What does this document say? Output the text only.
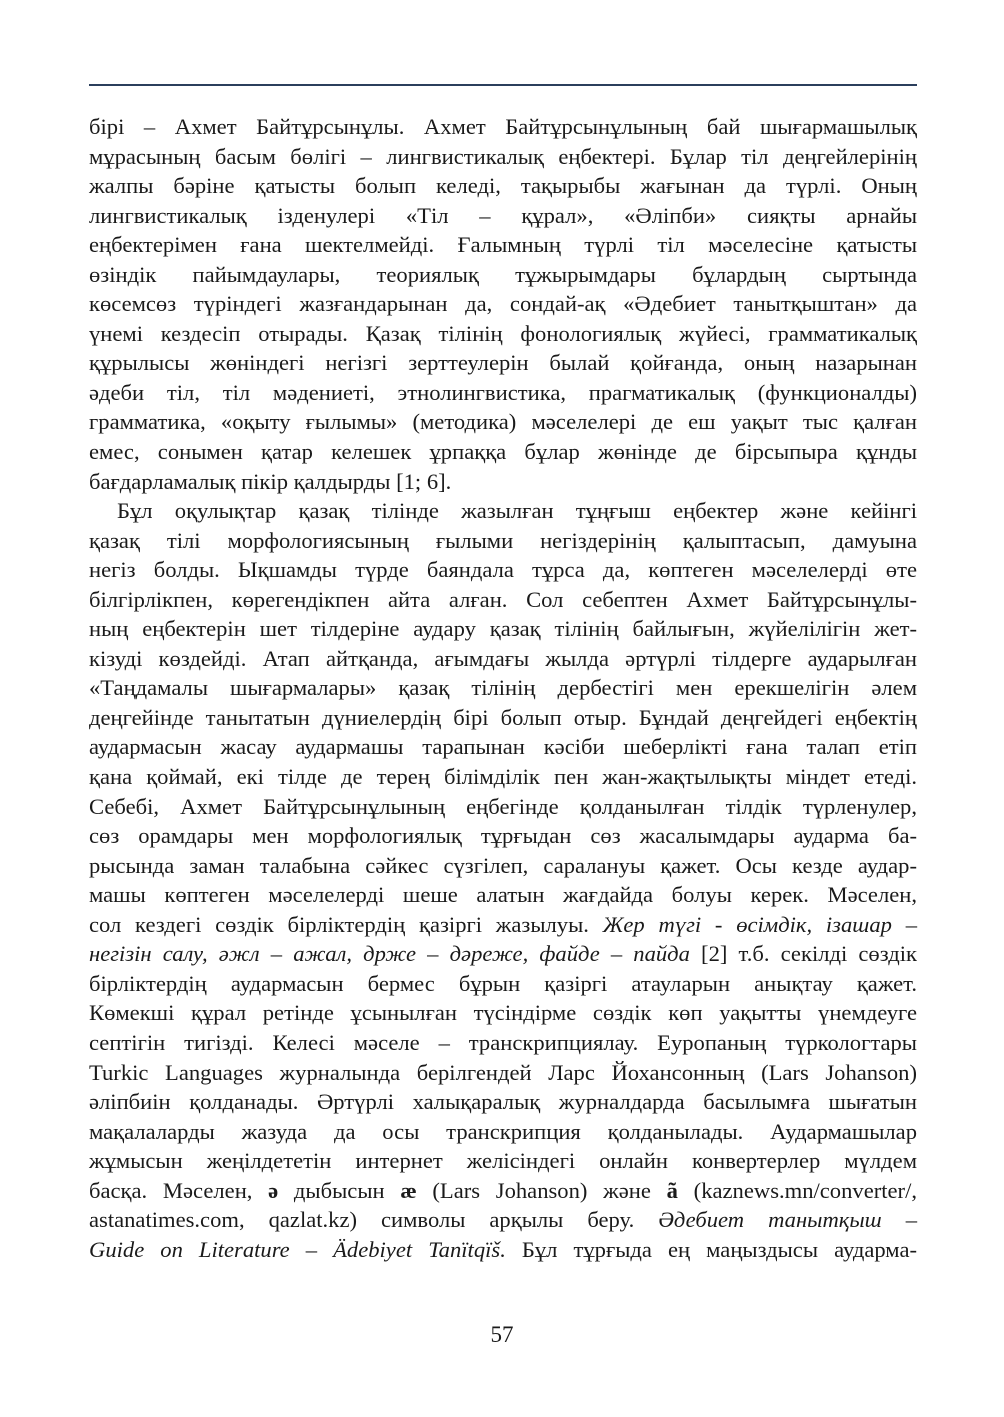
бірі – Ахмет Байтұрсынұлы. Ахмет Байтұрсынұлының бай шығармашылық
мұрасының басым бөлігі – лингвистикалық еңбектері. Бұлар тіл деңгейлерінің
жалпы бәріне қатысты болып келеді, тақырыбы жағынан да түрлі. Оның
лингвистикалық ізденулері «Тіл – құрал», «Әліпби» сияқты арнайы
еңбектерімен ғана шектелмейді. Ғалымның түрлі тіл мәселесіне қатысты
өзіндік пайымдаулары, теориялық тұжырымдары бұлардың сыртында
көсемсөз түріндегі жазғандарынан да, сондай-ақ «Әдебиет танытқыштан» да
үнемі кездесіп отырады. Қазақ тілінің фонологиялық жүйесі, грамматикалық
құрылысы жөніндегі негізгі зерттеулерін былай қойғанда, оның назарынан
әдеби тіл, тіл мәдениеті, этнолингвистика, прагматикалық (функционалды)
грамматика, «оқыту ғылымы» (методика) мәселелері де еш уақыт тыс қалған
емес, сонымен қатар келешек ұрпаққа бұлар жөнінде де бірсыпыра құнды
бағдарламалық пікір қалдырды [1; 6].
Бұл оқулықтар қазақ тілінде жазылған тұңғыш еңбектер және кейінгі
қазақ тілі морфологиясының ғылыми негіздерінің қалыптасып, дамуына
негіз болды. Ықшамды түрде баяндала тұрса да, көптеген мәселелерді өте
білгірлікпен, көрегендікпен айта алған. Сол себептен Ахмет Байтұрсынұлы-
ның еңбектерін шет тілдеріне аудару қазақ тілінің байлығын, жүйелілігін жет-
кізуді көздейді. Атап айтқанда, ағымдағы жылда әртүрлі тілдерге аударылған
«Таңдамалы шығармалары» қазақ тілінің дербестігі мен ерекшелігін әлем
деңгейінде танытатын дүниелердің бірі болып отыр. Бұндай деңгейдегі еңбектің
аудармасын жасау аудармашы тарапынан кәсіби шеберлікті ғана талап етіп
қана қоймай, екі тілде де терең білімділік пен жан-жақтылықты міндет етеді.
Себебі, Ахмет Байтұрсынұлының еңбегінде қолданылған тілдік түрленулер,
сөз орамдары мен морфологиялық тұрғыдан сөз жасалымдары аударма ба-
рысында заман талабына сәйкес сүзгілеп, саралануы қажет. Осы кезде аудар-
машы көптеген мәселелерді шеше алатын жағдайда болуы керек. Мәселен,
сол кездегі сөздік бірліктердің қазіргі жазылуы. Жер түгі - өсімдік, ізашар –
негізін салу, әжл – ажал, држе – дәреже, файде – пайда [2] т.б. секілді сөздік
бірліктердің аудармасын бермес бұрын қазіргі атауларын анықтау қажет.
Көмекші құрал ретінде ұсынылған түсіндірме сөздік көп уақытты үнемдеуге
септігін тигізді. Келесі мәселе – транскрипциялау. Еуропаның түркологтары
Turkic Languages журналында берілгендей Ларс Йохансонның (Lars Johanson)
әліпбиін қолданады. Әртүрлі халықаралық журналдарда басылымға шығатын
мақалаларды жазуда да осы транскрипция қолданылады. Аудармашылар
жұмысын жеңілдететін интернет желісіндегі онлайн конвертерлер мүлдем
басқа. Мәселен, ə дыбысын æ (Lars Johanson) және ã (kaznews.mn/converter/,
astanatimes.com, qazlat.kz) символы арқылы беру. Әдебиет танытқыш –
Guide on Literature – Ädebiyet Tanïtqïš. Бұл тұрғыда ең маңыздысы аударма-
57
